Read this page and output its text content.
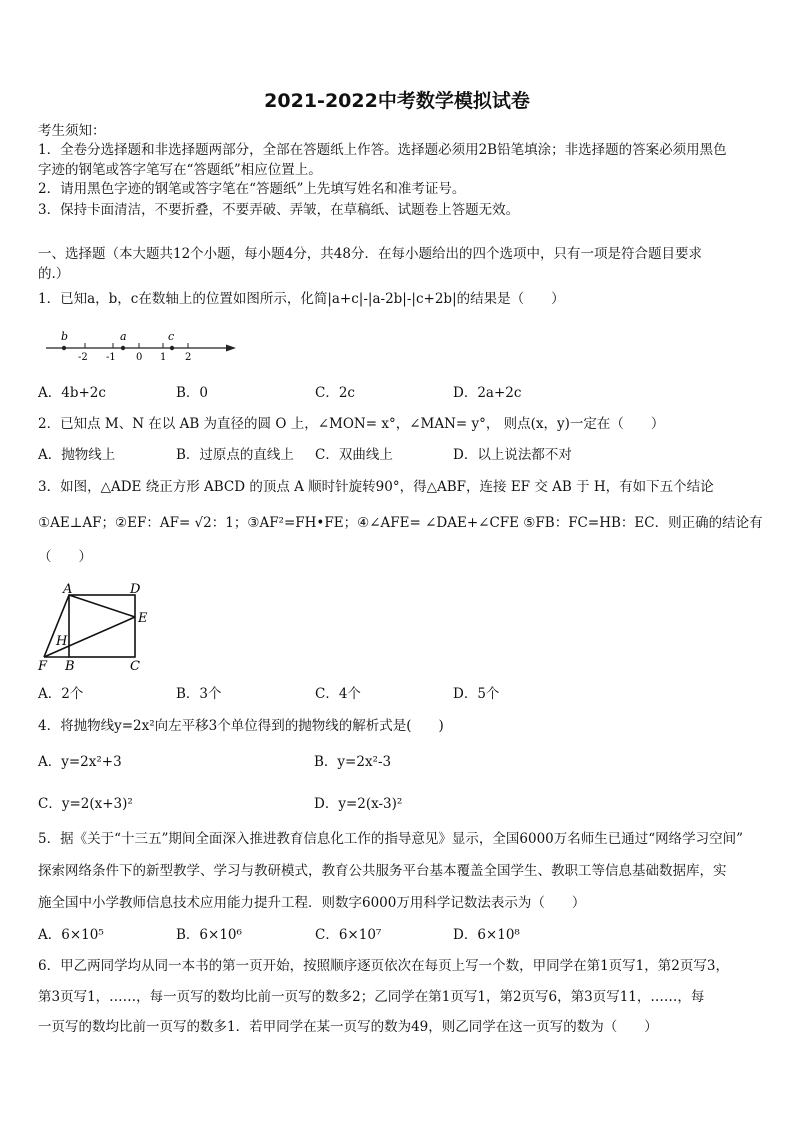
2021-2022中考数学模拟试卷
考生须知：
1．全卷分选择题和非选择题两部分，全部在答题纸上作答。选择题必须用2B铅笔填涂；非选择题的答案必须用黑色
字迹的钢笔或答字笔写在“答题纸”相应位置上。
2．请用黑色字迹的钢笔或答字笔在“答题纸”上先填写姓名和准考证号。
3．保持卡面清洁，不要折叠，不要弄破、弄皱，在草稿纸、试题卷上答题无效。
一、选择题（本大题共12个小题，每小题4分，共48分．在每小题给出的四个选项中，只有一项是符合题目要求
的.）
1．已知a，b，c在数轴上的位置如图所示，化简|a+c|-|a-2b|-|c+2b|的结果是（　　）
b	a	c
-2 -1 0 1 2
A．4b+2c	B．0	C．2c	D．2a+2c
2．已知点 M、N 在以 AB 为直径的圆 O 上，∠MON= x°，∠MAN= y°， 则点(x，y)一定在（　　）
A．抛物线上	B．过原点的直线上 C．双曲线上	D．以上说法都不对
3．如图，△ADE 绕正方形 ABCD 的顶点 A 顺时针旋转90°，得△ABF，连接 EF 交 AB 于 H，有如下五个结论
①AE⊥AF；②EF：AF= √2：1；③AF²=FH•FE；④∠AFE= ∠DAE+∠CFE ⑤FB：FC=HB：EC．则正确的结论有
（　　）
A	D
E
H
F B	C
A．2个	B．3个	C．4个	D．5个
4．将抛物线y=2x²向左平移3个单位得到的抛物线的解析式是(　　)
A．y=2x²+3	B．y=2x²-3
C．y=2(x+3)²	D．y=2(x-3)²
5．据《关于“十三五”期间全面深入推进教育信息化工作的指导意见》显示，全国6000万名师生已通过“网络学习空间”
探索网络条件下的新型教学、学习与教研模式，教育公共服务平台基本覆盖全国学生、教职工等信息基础数据库，实
施全国中小学教师信息技术应用能力提升工程．则数字6000万用科学记数法表示为（　　）
A．6×10⁵	B．6×10⁶	C．6×10⁷	D．6×10⁸
6．甲乙两同学均从同一本书的第一页开始，按照顺序逐页依次在每页上写一个数，甲同学在第1页写1，第2页写3，
第3页写1，……，每一页写的数均比前一页写的数多2；乙同学在第1页写1，第2页写6，第3页写11，……，每
一页写的数均比前一页写的数多1．若甲同学在某一页写的数为49，则乙同学在这一页写的数为（　　）
